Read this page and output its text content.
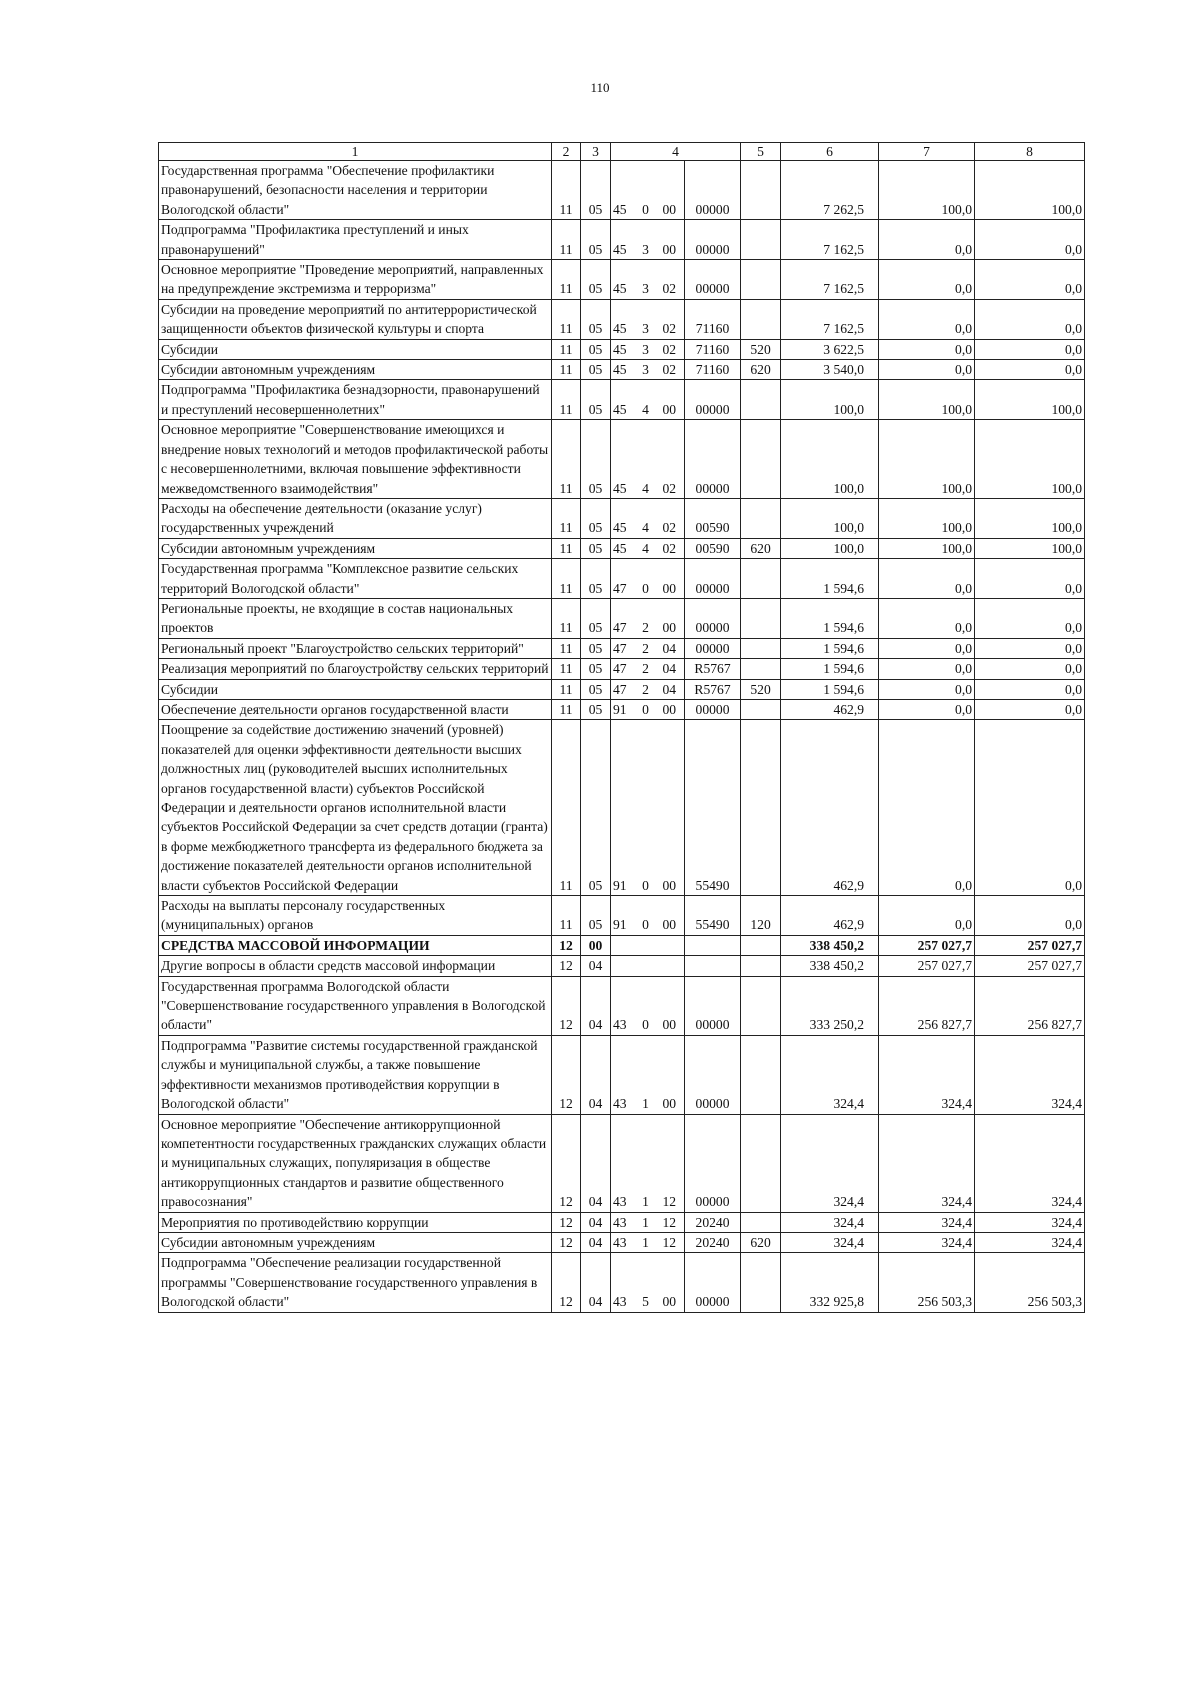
110
1	2	3	4				5	6	7	8
Государственная программа "Обеспечение профилактики правонарушений, безопасности населения и территории Вологодской области"	11	05	45	0	00	00000		7 262,5	100,0	100,0
Подпрограмма "Профилактика преступлений и иных правонарушений"	11	05	45	3	00	00000		7 162,5	0,0	0,0
Основное мероприятие "Проведение мероприятий, направленных на предупреждение экстремизма и терроризма"	11	05	45	3	02	00000		7 162,5	0,0	0,0
Субсидии на проведение мероприятий по антитеррористической защищенности объектов физической культуры и спорта	11	05	45	3	02	71160		7 162,5	0,0	0,0
Субсидии	11	05	45	3	02	71160	520	3 622,5	0,0	0,0
Субсидии автономным учреждениям	11	05	45	3	02	71160	620	3 540,0	0,0	0,0
Подпрограмма "Профилактика безнадзорности, правонарушений и преступлений несовершеннолетних"	11	05	45	4	00	00000		100,0	100,0	100,0
Основное мероприятие "Совершенствование имеющихся и внедрение новых технологий и методов профилактической работы с несовершеннолетними, включая повышение эффективности межведомственного взаимодействия"	11	05	45	4	02	00000		100,0	100,0	100,0
Расходы на обеспечение деятельности (оказание услуг) государственных учреждений	11	05	45	4	02	00590		100,0	100,0	100,0
Субсидии автономным учреждениям	11	05	45	4	02	00590	620	100,0	100,0	100,0
Государственная программа "Комплексное развитие сельских территорий Вологодской области"	11	05	47	0	00	00000		1 594,6	0,0	0,0
Региональные проекты, не входящие в состав национальных проектов	11	05	47	2	00	00000		1 594,6	0,0	0,0
Региональный проект "Благоустройство сельских территорий"	11	05	47	2	04	00000		1 594,6	0,0	0,0
Реализация мероприятий по благоустройству сельских территорий	11	05	47	2	04	R5767		1 594,6	0,0	0,0
Субсидии	11	05	47	2	04	R5767	520	1 594,6	0,0	0,0
Обеспечение деятельности органов государственной власти	11	05	91	0	00	00000		462,9	0,0	0,0
Поощрение за содействие достижению значений (уровней) показателей для оценки эффективности деятельности высших должностных лиц (руководителей высших исполнительных органов государственной власти) субъектов Российской Федерации и деятельности органов исполнительной власти субъектов Российской Федерации за счет средств дотации (гранта) в форме межбюджетного трансферта из федерального бюджета за достижение показателей деятельности органов исполнительной власти субъектов Российской Федерации	11	05	91	0	00	55490		462,9	0,0	0,0
Расходы на выплаты персоналу государственных (муниципальных) органов	11	05	91	0	00	55490	120	462,9	0,0	0,0
СРЕДСТВА МАССОВОЙ ИНФОРМАЦИИ	12	00						338 450,2	257 027,7	257 027,7
Другие вопросы в области средств массовой информации	12	04						338 450,2	257 027,7	257 027,7
Государственная программа Вологодской области "Совершенствование государственного управления в Вологодской области"	12	04	43	0	00	00000		333 250,2	256 827,7	256 827,7
Подпрограмма "Развитие системы государственной гражданской службы и муниципальной службы, а также повышение эффективности механизмов противодействия коррупции в Вологодской области"	12	04	43	1	00	00000		324,4	324,4	324,4
Основное мероприятие "Обеспечение антикоррупционной компетентности государственных гражданских служащих области и муниципальных служащих, популяризация в обществе антикоррупционных стандартов и развитие общественного правосознания"	12	04	43	1	12	00000		324,4	324,4	324,4
Мероприятия по противодействию коррупции	12	04	43	1	12	20240		324,4	324,4	324,4
Субсидии автономным учреждениям	12	04	43	1	12	20240	620	324,4	324,4	324,4
Подпрограмма "Обеспечение реализации государственной программы "Совершенствование государственного управления в Вологодской области"	12	04	43	5	00	00000		332 925,8	256 503,3	256 503,3
